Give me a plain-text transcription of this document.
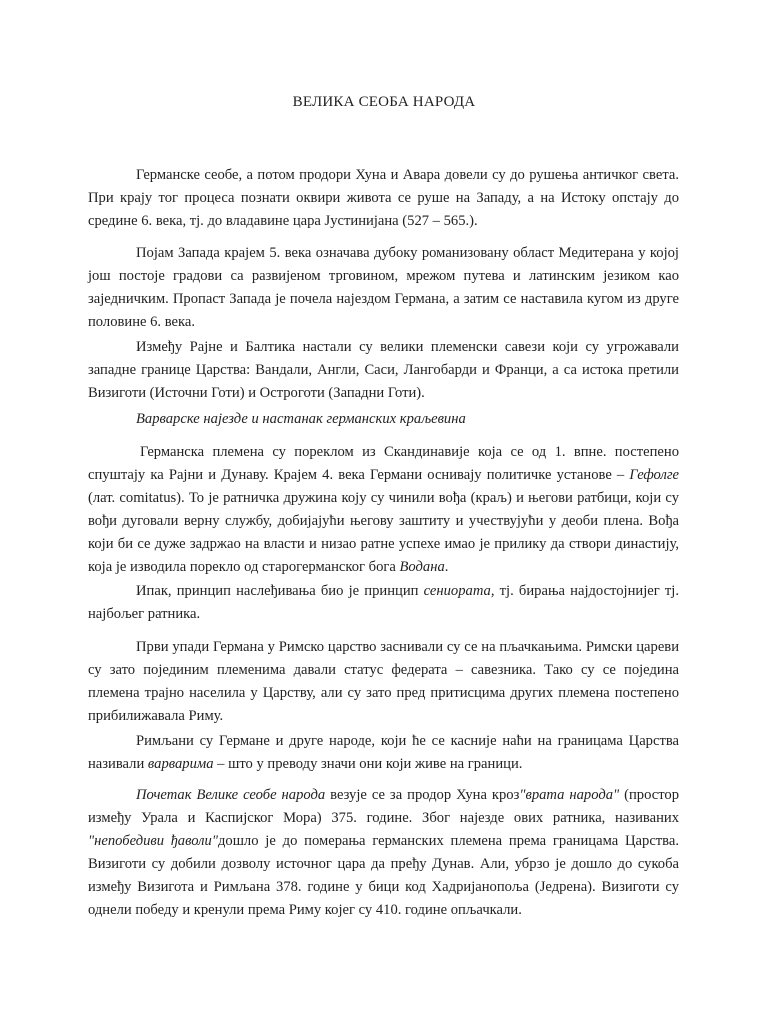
ВЕЛИКА СЕОБА НАРОДА

Германске сеобе, а потом продори Хуна и Авара довели су до рушења античког света. При крају тог процеса познати оквири живота се руше на Западу, а на Истоку опстају до средине 6. века, тј. до владавине цара Јустинијана (527 – 565.).

Појам Запада крајем 5. века означава дубоку романизовану област Медитерана у којој још постоје градови са развијеном трговином, мрежом путева и латинским језиком као заједничким. Пропаст Запада је почела најездом Германа, а затим се наставила кугом из друге половине 6. века.

Између Рајне и Балтика настали су велики племенски савези који су угрожавали западне границе Царства: Вандали, Англи, Саси, Лангобарди и Франци, а са истока претили Визиготи (Источни Готи) и Остроготи (Западни Готи).

Варварске најезде и настанак германских краљевина

Германска племена су пореклом из Скандинавије која се од 1. впне. постепено спуштају ка Рајни и Дунаву. Крајем 4. века Германи оснивају политичке установе – Гефолге (лат. comitatus). То је ратничка дружина коју су чинили вођа (краљ) и његови ратбици, који су вођи дуговали верну службу, добијајући његову заштиту и учествујући у деоби плена. Вођа који би се дуже задржао на власти и низао ратне успехе имао је прилику да створи династију, која је изводила порекло од старогерманског бога Водана.

Ипак, принцип наслеђивања био је принцип сениората, тј. бирања најдостојнијег тј. најбољег ратника.

Први упади Германа у Римско царство заснивали су се на пљачкањима. Римски цареви су зато појединим племенима давали статус федерата – савезника. Тако су се поједина племена трајно населила у Царству, али су зато пред притисцима других племена постепено прибилижавала Риму.

Римљани су Германе и друге народе, који ће се касније наћи на границама Царства називали варварима – што у преводу значи они који живе на граници.

Почетак Велике сеобе народа везује се за продор Хуна кроз"врата народа" (простор између Урала и Каспијског Мора) 375. године. Због најезде ових ратника, називаних "непобедиви ђаволи"дошло је до померања германских племена према границама Царства. Визиготи су добили дозволу источног цара да пређу Дунав. Али, убрзо је дошло до сукоба између Визигота и Римљана 378. године у бици код Хадријанопоља (Једрена). Визиготи су однели победу и кренули према Риму којег су 410. године опљачкали.
